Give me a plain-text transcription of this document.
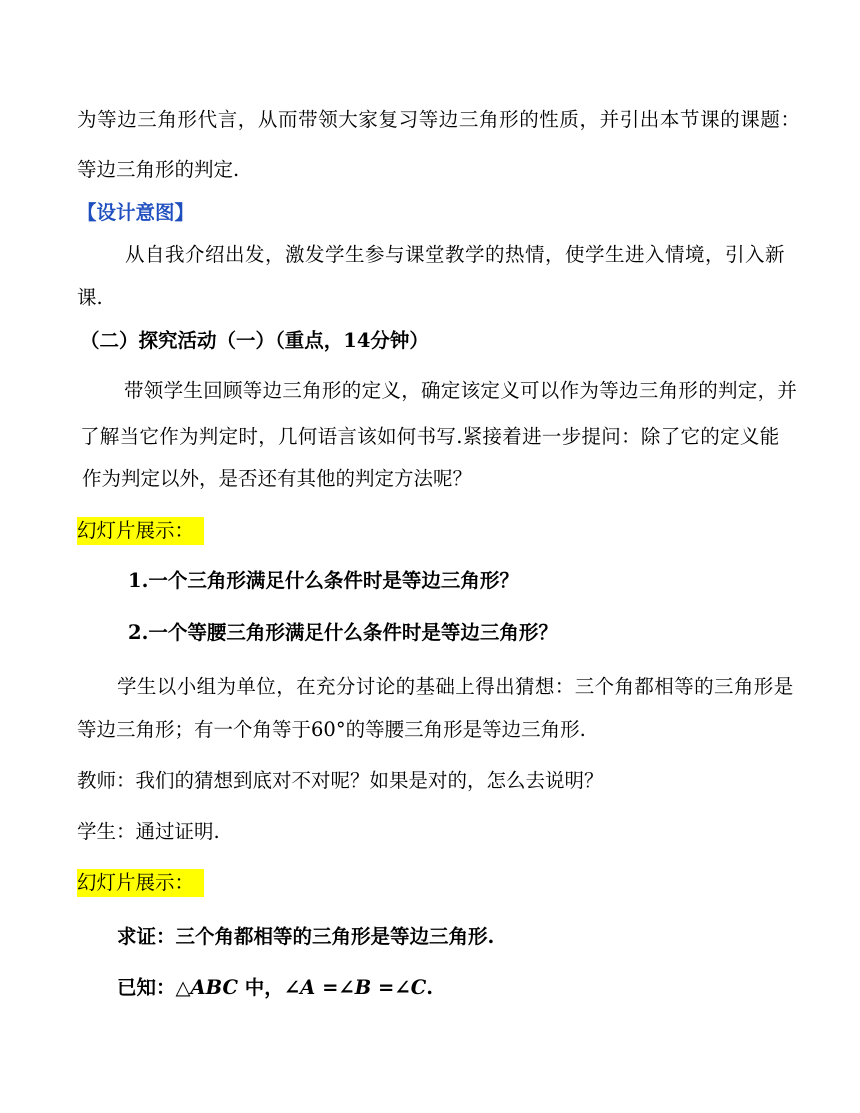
为等边三角形代言，从而带领大家复习等边三角形的性质，并引出本节课的课题：
等边三角形的判定.
【设计意图】
从自我介绍出发，激发学生参与课堂教学的热情，使学生进入情境，引入新
课.
（二）探究活动（一）（重点，14分钟）
带领学生回顾等边三角形的定义，确定该定义可以作为等边三角形的判定，并
了解当它作为判定时，几何语言该如何书写.紧接着进一步提问：除了它的定义能
作为判定以外，是否还有其他的判定方法呢？
幻灯片展示：
1.一个三角形满足什么条件时是等边三角形？
2.一个等腰三角形满足什么条件时是等边三角形？
学生以小组为单位，在充分讨论的基础上得出猜想：三个角都相等的三角形是
等边三角形；有一个角等于60°的等腰三角形是等边三角形.
教师：我们的猜想到底对不对呢？如果是对的，怎么去说明？
学生：通过证明.
幻灯片展示：
求证：三个角都相等的三角形是等边三角形.
已知：△ABC 中，∠A =∠B =∠C.
